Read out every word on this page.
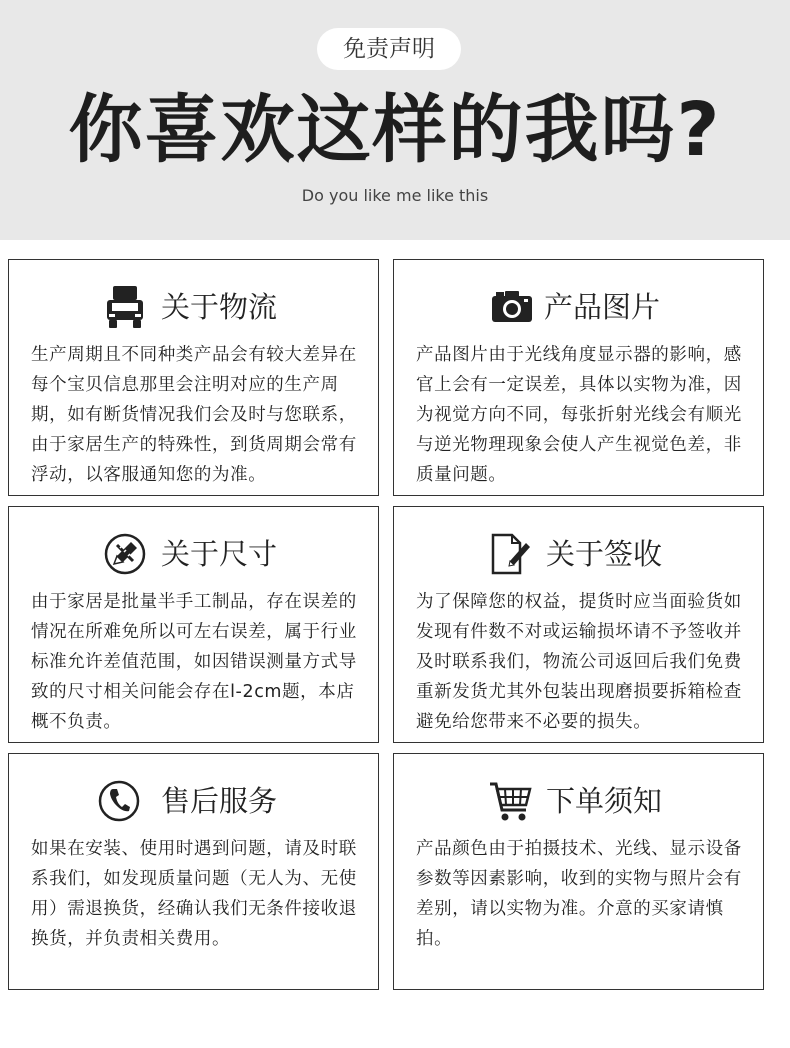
免责声明
你喜欢这样的我吗?
Do you like me like this
关于物流
生产周期且不同种类产品会有较大差异在每个宝贝信息那里会注明对应的生产周期，如有断货情况我们会及时与您联系，由于家居生产的特殊性，到货周期会常有浮动，以客服通知您的为准。
产品图片
产品图片由于光线角度显示器的影响，感官上会有一定误差，具体以实物为准，因为视觉方向不同，每张折射光线会有顺光与逆光物理现象会使人产生视觉色差，非质量问题。
关于尺寸
由于家居是批量半手工制品，存在误差的情况在所难免所以可左右误差，属于行业标准允许差值范围，如因错误测量方式导致的尺寸相关问能会存在l-2cm题，本店概不负责。
关于签收
为了保障您的权益，提货时应当面验货如发现有件数不对或运输损坏请不予签收并及时联系我们，物流公司返回后我们免费重新发货尤其外包装出现磨损要拆箱检查避免给您带来不必要的损失。
售后服务
如果在安装、使用时遇到问题，请及时联系我们，如发现质量问题（无人为、无使用）需退换货，经确认我们无条件接收退换货，并负责相关费用。
下单须知
产品颜色由于拍摄技术、光线、显示设备参数等因素影响，收到的实物与照片会有差别，请以实物为准。介意的买家请慎拍。
